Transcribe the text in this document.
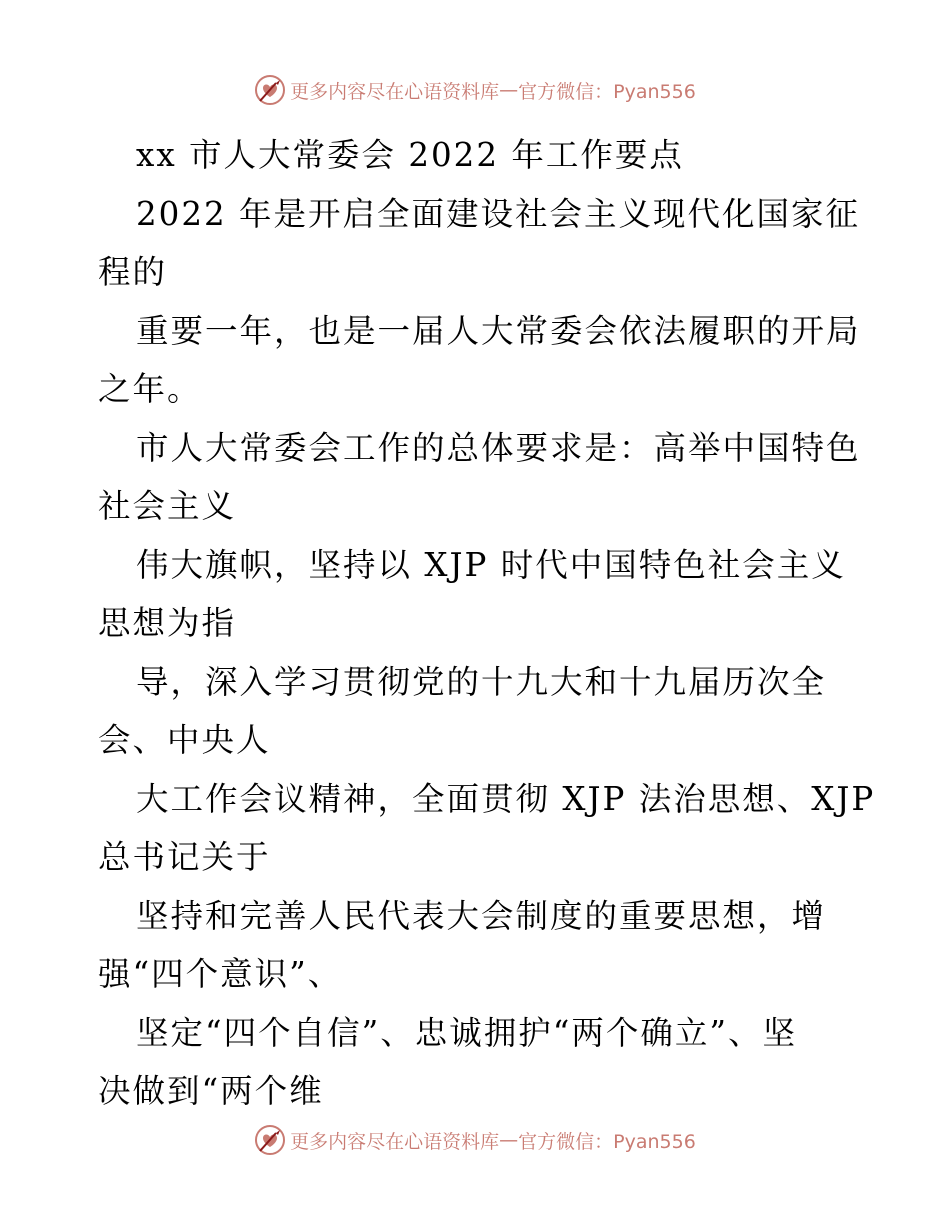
更多内容尽在心语资料库 — 官方微信：Pyan556
xx 市人大常委会 2022 年工作要点
2022 年是开启全面建设社会主义现代化国家征
程的
重要一年，也是一届人大常委会依法履职的开局
之年。
市人大常委会工作的总体要求是：高举中国特色
社会主义
伟大旗帜，坚持以 XJP 时代中国特色社会主义
思想为指
导，深入学习贯彻党的十九大和十九届历次全
会、中央人
大工作会议精神，全面贯彻 XJP 法治思想、XJP
总书记关于
坚持和完善人民代表大会制度的重要思想，增
强“四个意识”、
坚定“四个自信”、忠诚拥护“两个确立”、坚
决做到“两个维
更多内容尽在心语资料库 — 官方微信：Pyan556
